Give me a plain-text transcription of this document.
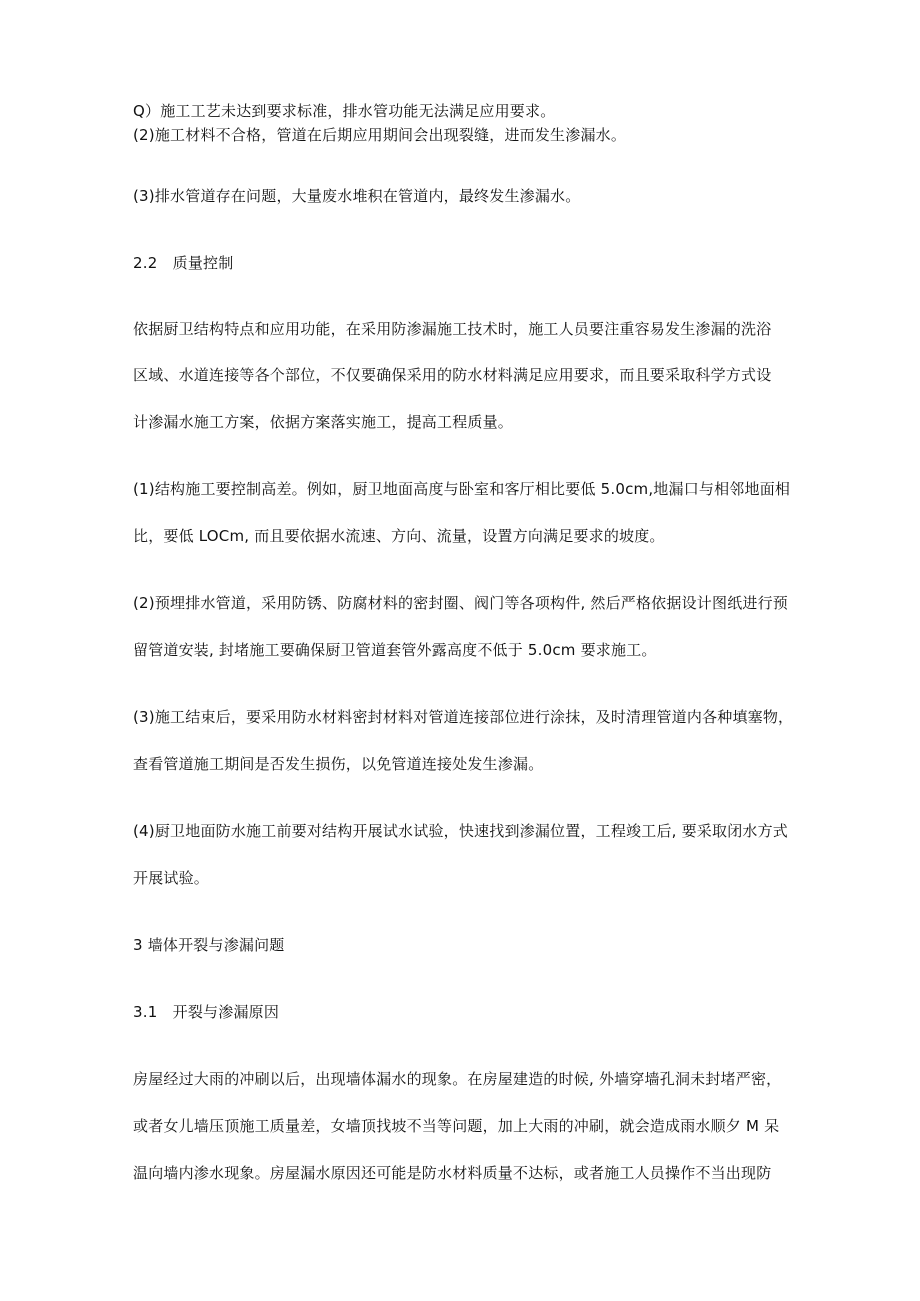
Q）施工工艺未达到要求标准，排水管功能无法满足应用要求。
(2)施工材料不合格，管道在后期应用期间会出现裂缝，进而发生渗漏水。
(3)排水管道存在问题，大量废水堆积在管道内，最终发生渗漏水。
2.2　质量控制
依据厨卫结构特点和应用功能，在采用防渗漏施工技术时，施工人员要注重容易发生渗漏的洗浴
区域、水道连接等各个部位，不仅要确保采用的防水材料满足应用要求，而且要采取科学方式设
计渗漏水施工方案，依据方案落实施工，提高工程质量。
(1)结构施工要控制高差。例如，厨卫地面高度与卧室和客厅相比要低 5.0cm,地漏口与相邻地面相
比，要低 LOCm, 而且要依据水流速、方向、流量，设置方向满足要求的坡度。
(2)预埋排水管道，采用防锈、防腐材料的密封圈、阀门等各项构件, 然后严格依据设计图纸进行预
留管道安装, 封堵施工要确保厨卫管道套管外露高度不低于 5.0cm 要求施工。
(3)施工结束后，要采用防水材料密封材料对管道连接部位进行涂抹，及时清理管道内各种填塞物，
查看管道施工期间是否发生损伤，以免管道连接处发生渗漏。
(4)厨卫地面防水施工前要对结构开展试水试验，快速找到渗漏位置，工程竣工后, 要采取闭水方式
开展试验。
3 墙体开裂与渗漏问题
3.1　开裂与渗漏原因
房屋经过大雨的冲刷以后，出现墙体漏水的现象。在房屋建造的时候, 外墙穿墙孔洞未封堵严密，
或者女儿墙压顶施工质量差，女墙顶找坡不当等问题，加上大雨的冲刷，就会造成雨水顺夕 M 呆
温向墙内渗水现象。房屋漏水原因还可能是防水材料质量不达标，或者施工人员操作不当出现防
